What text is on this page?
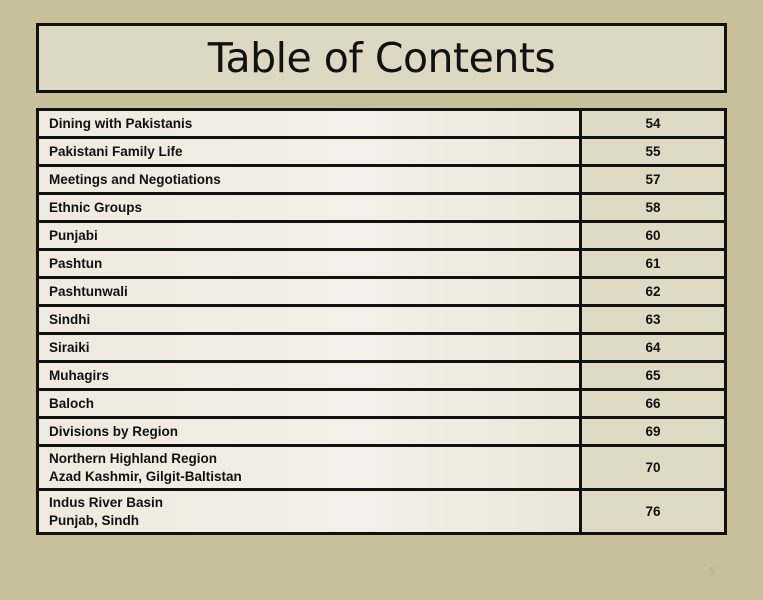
Table of Contents
Dining with Pakistanis	54

Pakistani Family Life	55

Meetings and Negotiations	57

Ethnic Groups	58

Punjabi	60

Pashtun	61

Pashtunwali	62

Sindhi	63

Siraiki	64

Muhagirs	65

Baloch	66

Divisions by Region	69

Northern Highland Region
Azad Kashmir, Gilgit-Baltistan	70

Indus River Basin
Punjab, Sindh	76
5
